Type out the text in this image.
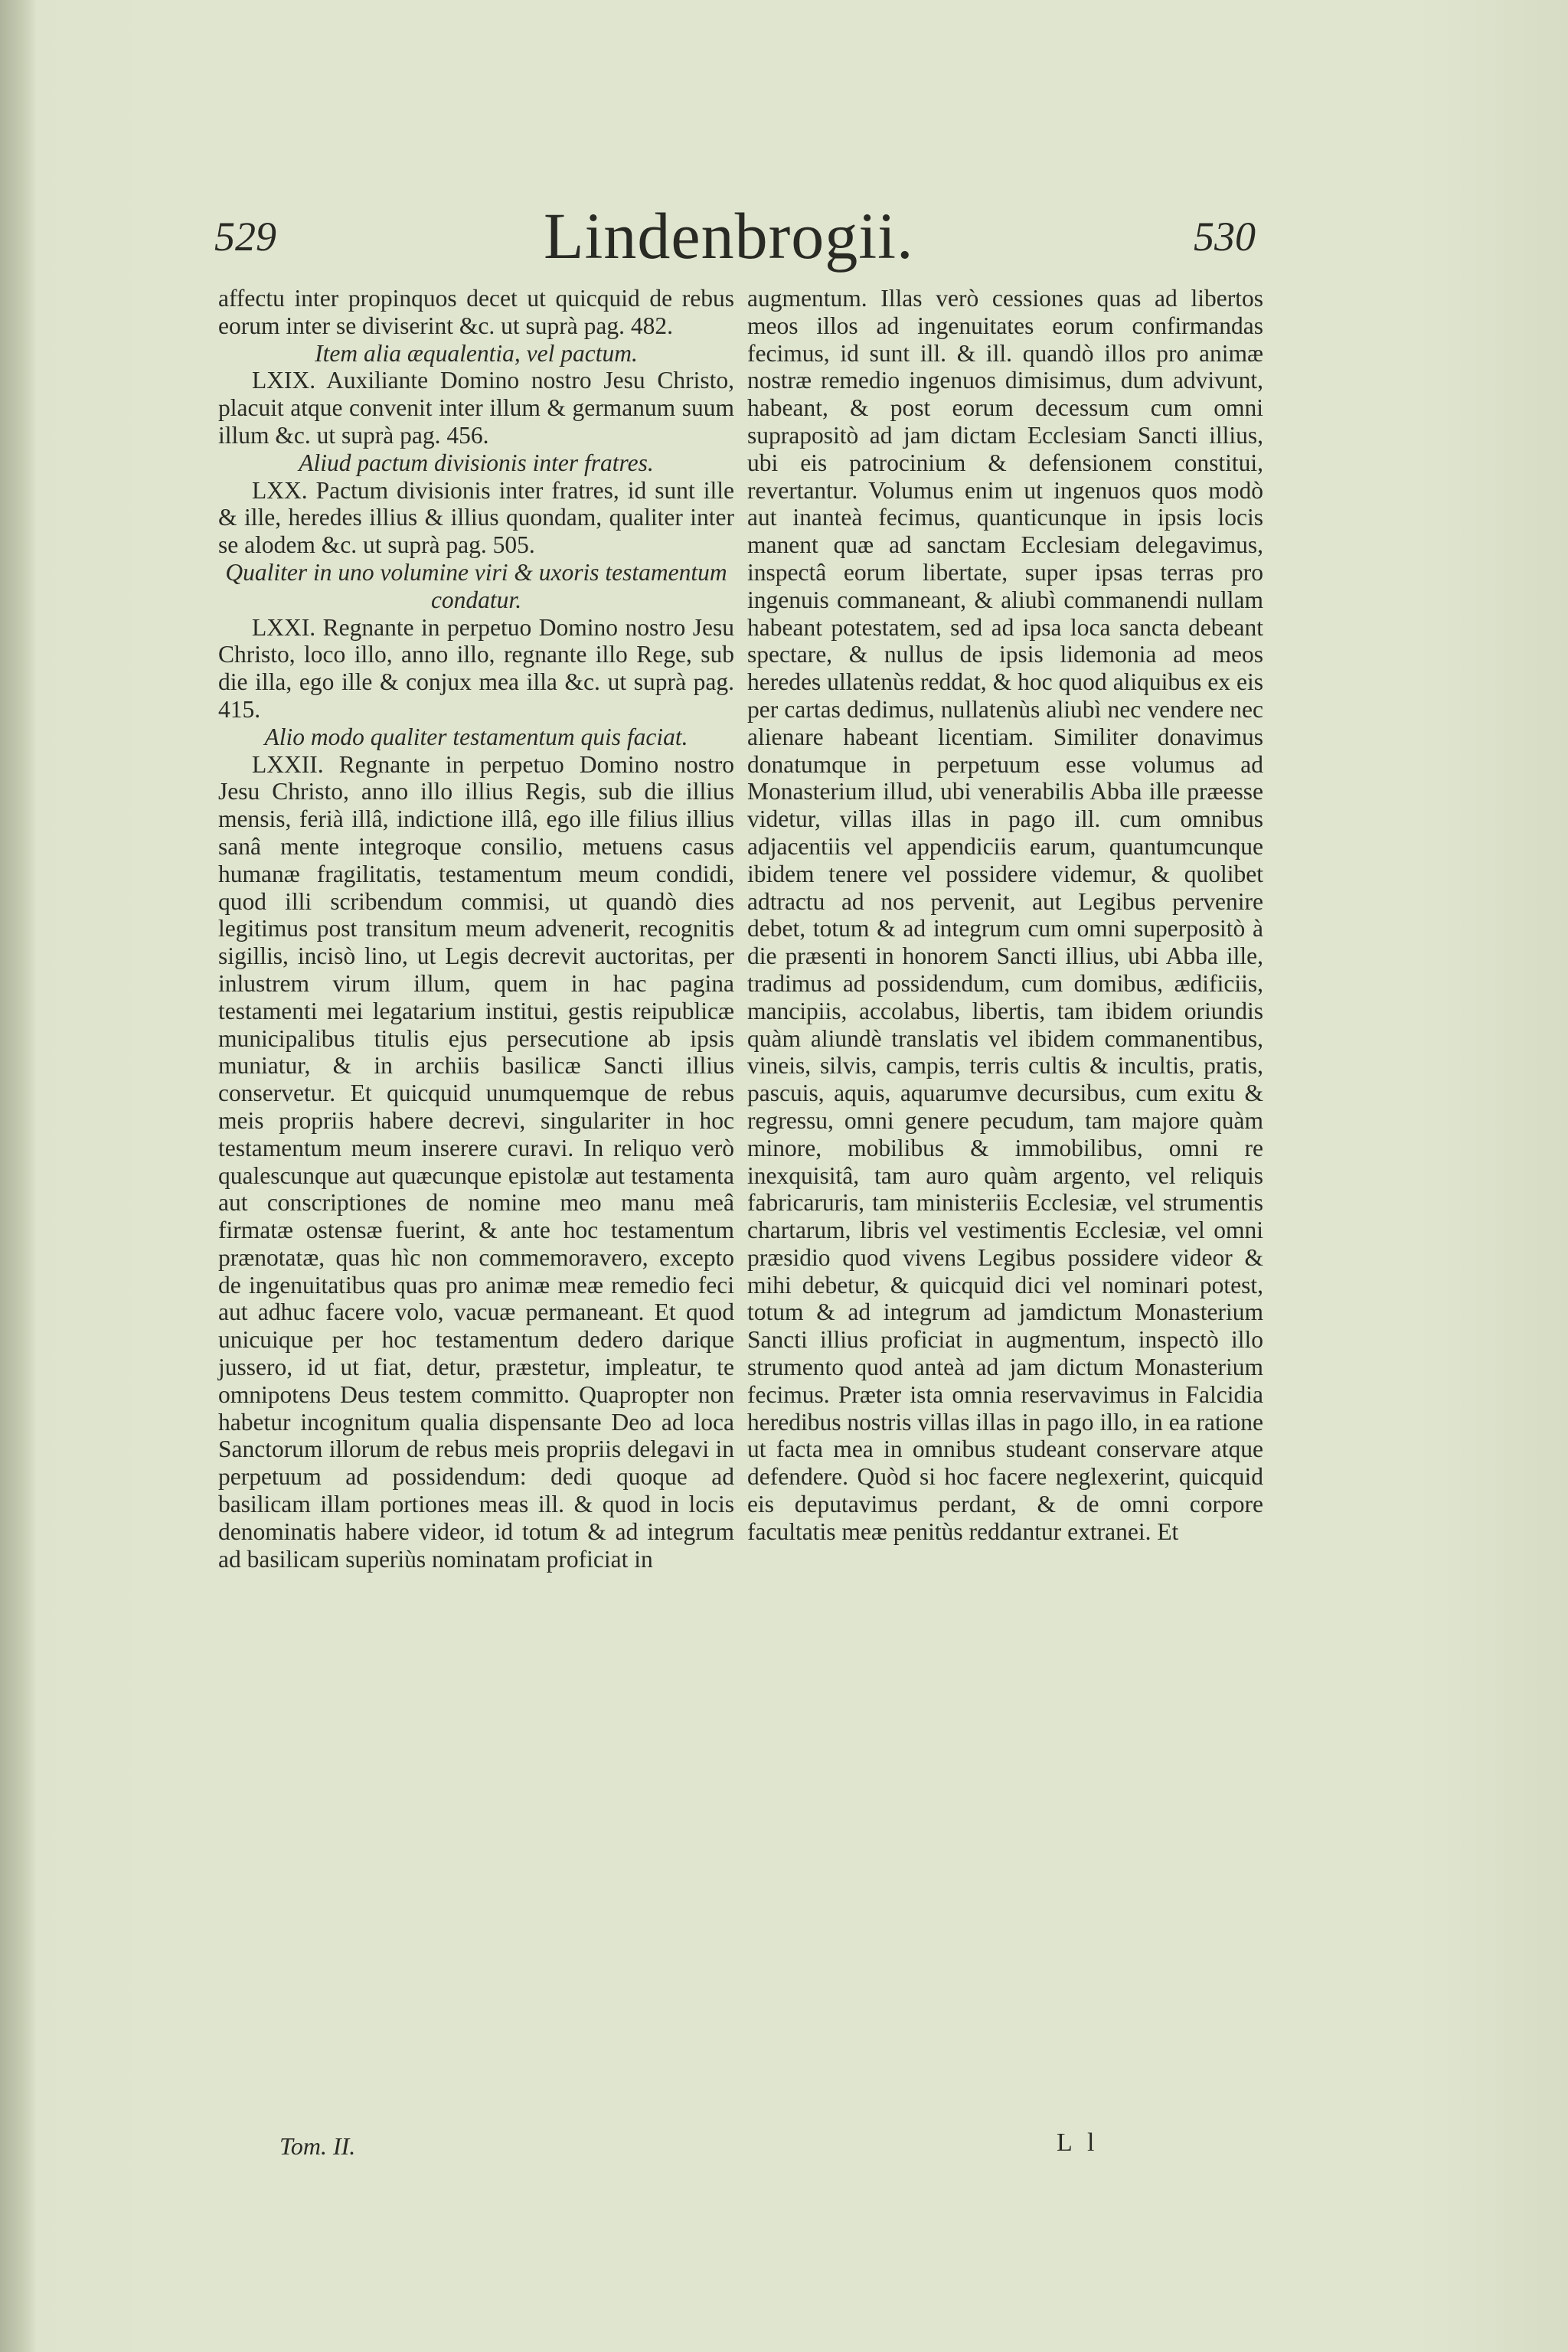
529	Lindenbrogii.	530

affectu inter propinquos decet ut quicquid de rebus eorum inter se diviserint &c. ut suprà pag. 482.

Item alia æqualentia, vel pactum.

LXIX. Auxiliante Domino nostro Jesu Christo, placuit atque convenit inter illum & germanum suum illum &c. ut suprà pag. 456.

Aliud pactum divisionis inter fratres.

LXX. Pactum divisionis inter fratres, id sunt ille & ille, heredes illius & illius quondam, qualiter inter se alodem &c. ut suprà pag. 505.

Qualiter in uno volumine viri & uxoris testamentum condatur.

LXXI. Regnante in perpetuo Domino nostro Jesu Christo, loco illo, anno illo, regnante illo Rege, sub die illa, ego ille & conjux mea illa &c. ut suprà pag. 415.

Alio modo qualiter testamentum quis faciat.

LXXII. Regnante in perpetuo Domino nostro Jesu Christo, anno illo illius Regis, sub die illius mensis, ferià illâ, indictione illâ, ego ille filius illius sanâ mente integroque consilio, metuens casus humanæ fragilitatis, testamentum meum condidi, quod illi scribendum commisi, ut quandò dies legitimus post transitum meum advenerit, recognitis sigillis, incisò lino, ut Legis decrevit auctoritas, per inlustrem virum illum, quem in hac pagina testamenti mei legatarium institui, gestis reipublicæ municipalibus titulis ejus persecutione ab ipsis muniatur, & in archiis basilicæ Sancti illius conservetur. Et quicquid unumquemque de rebus meis propriis habere decrevi, singulariter in hoc testamentum meum inserere curavi. In reliquo verò qualescunque aut quæcunque epistolæ aut testamenta aut conscriptiones de nomine meo manu meâ firmatæ ostensæ fuerint, & ante hoc testamentum prænotatæ, quas hìc non commemoravero, excepto de ingenuitatibus quas pro animæ meæ remedio feci aut adhuc facere volo, vacuæ permaneant. Et quod unicuique per hoc testamentum dedero darique jussero, id ut fiat, detur, præstetur, impleatur, te omnipotens Deus testem committo. Quapropter non habetur incognitum qualia dispensante Deo ad loca Sanctorum illorum de rebus meis propriis delegavi in perpetuum ad possidendum: dedi quoque ad basilicam illam portiones meas ill. & quod in locis denominatis habere videor, id totum & ad integrum ad basilicam superiùs nominatam proficiat in

augmentum. Illas verò cessiones quas ad libertos meos illos ad ingenuitates eorum confirmandas fecimus, id sunt ill. & ill. quandò illos pro animæ nostræ remedio ingenuos dimisimus, dum advivunt, habeant, & post eorum decessum cum omni suprapositò ad jam dictam Ecclesiam Sancti illius, ubi eis patrocinium & defensionem constitui, revertantur. Volumus enim ut ingenuos quos modò aut inanteà fecimus, quanticunque in ipsis locis manent quæ ad sanctam Ecclesiam delegavimus, inspectâ eorum libertate, super ipsas terras pro ingenuis commaneant, & aliubì commanendi nullam habeant potestatem, sed ad ipsa loca sancta debeant spectare, & nullus de ipsis lidemonia ad meos heredes ullatenùs reddat, & hoc quod aliquibus ex eis per cartas dedimus, nullatenùs aliubì nec vendere nec alienare habeant licentiam. Similiter donavimus donatumque in perpetuum esse volumus ad Monasterium illud, ubi venerabilis Abba ille præesse videtur, villas illas in pago ill. cum omnibus adjacentiis vel appendiciis earum, quantumcunque ibidem tenere vel possidere videmur, & quolibet adtractu ad nos pervenit, aut Legibus pervenire debet, totum & ad integrum cum omni superpositò à die præsenti in honorem Sancti illius, ubi Abba ille, tradimus ad possidendum, cum domibus, ædificiis, mancipiis, accolabus, libertis, tam ibidem oriundis quàm aliundè translatis vel ibidem commanentibus, vineis, silvis, campis, terris cultis & incultis, pratis, pascuis, aquis, aquarumve decursibus, cum exitu & regressu, omni genere pecudum, tam majore quàm minore, mobilibus & immobilibus, omni re inexquisitâ, tam auro quàm argento, vel reliquis fabricaruris, tam ministeriis Ecclesiæ, vel strumentis chartarum, libris vel vestimentis Ecclesiæ, vel omni præsidio quod vivens Legibus possidere videor & mihi debetur, & quicquid dici vel nominari potest, totum & ad integrum ad jamdictum Monasterium Sancti illius proficiat in augmentum, inspectò illo strumento quod anteà ad jam dictum Monasterium fecimus. Præter ista omnia reservavimus in Falcidia heredibus nostris villas illas in pago illo, in ea ratione ut facta mea in omnibus studeant conservare atque defendere. Quòd si hoc facere neglexerint, quicquid eis deputavimus perdant, & de omni corpore facultatis meæ penitùs reddantur extranei. Et

Tom. II.	L l
